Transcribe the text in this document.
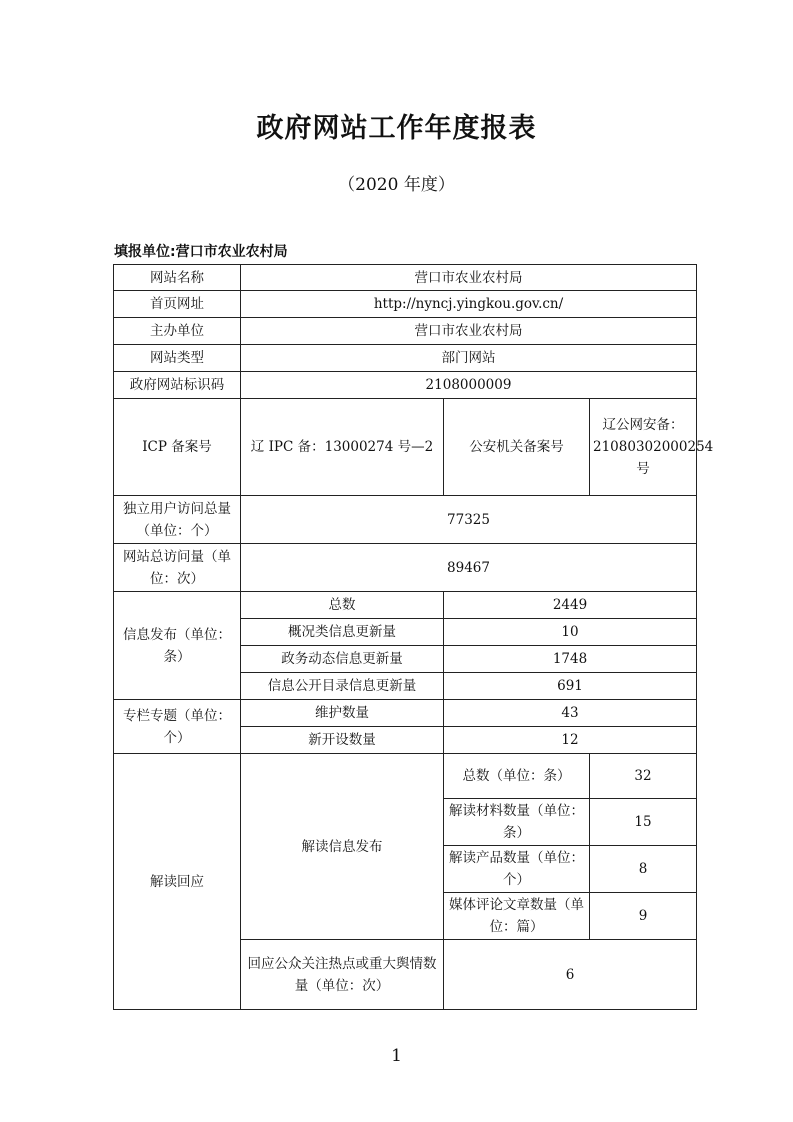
政府网站工作年度报表
（2020 年度）
填报单位:营口市农业农村局
网站名称	营口市农业农村局		
首页网址	http://nyncj.yingkou.gov.cn/		
主办单位	营口市农业农村局		
网站类型	部门网站		
政府网站标识码	2108000009		
ICP 备案号	辽 IPC 备：13000274 号—2	公安机关备案号	辽公网安备：21080302000254 号
独立用户访问总量（单位：个）	77325		
网站总访问量（单位：次）	89467		
信息发布（单位：条）	总数	2449	
	概况类信息更新量	10	
	政务动态信息更新量	1748	
	信息公开目录信息更新量	691	
专栏专题（单位：个）	维护数量	43	
	新开设数量	12	
解读回应	解读信息发布	总数（单位：条）	32
		解读材料数量（单位：条）	15
		解读产品数量（单位：个）	8
		媒体评论文章数量（单位：篇）	9
	回应公众关注热点或重大舆情数量（单位：次）	6	
1
